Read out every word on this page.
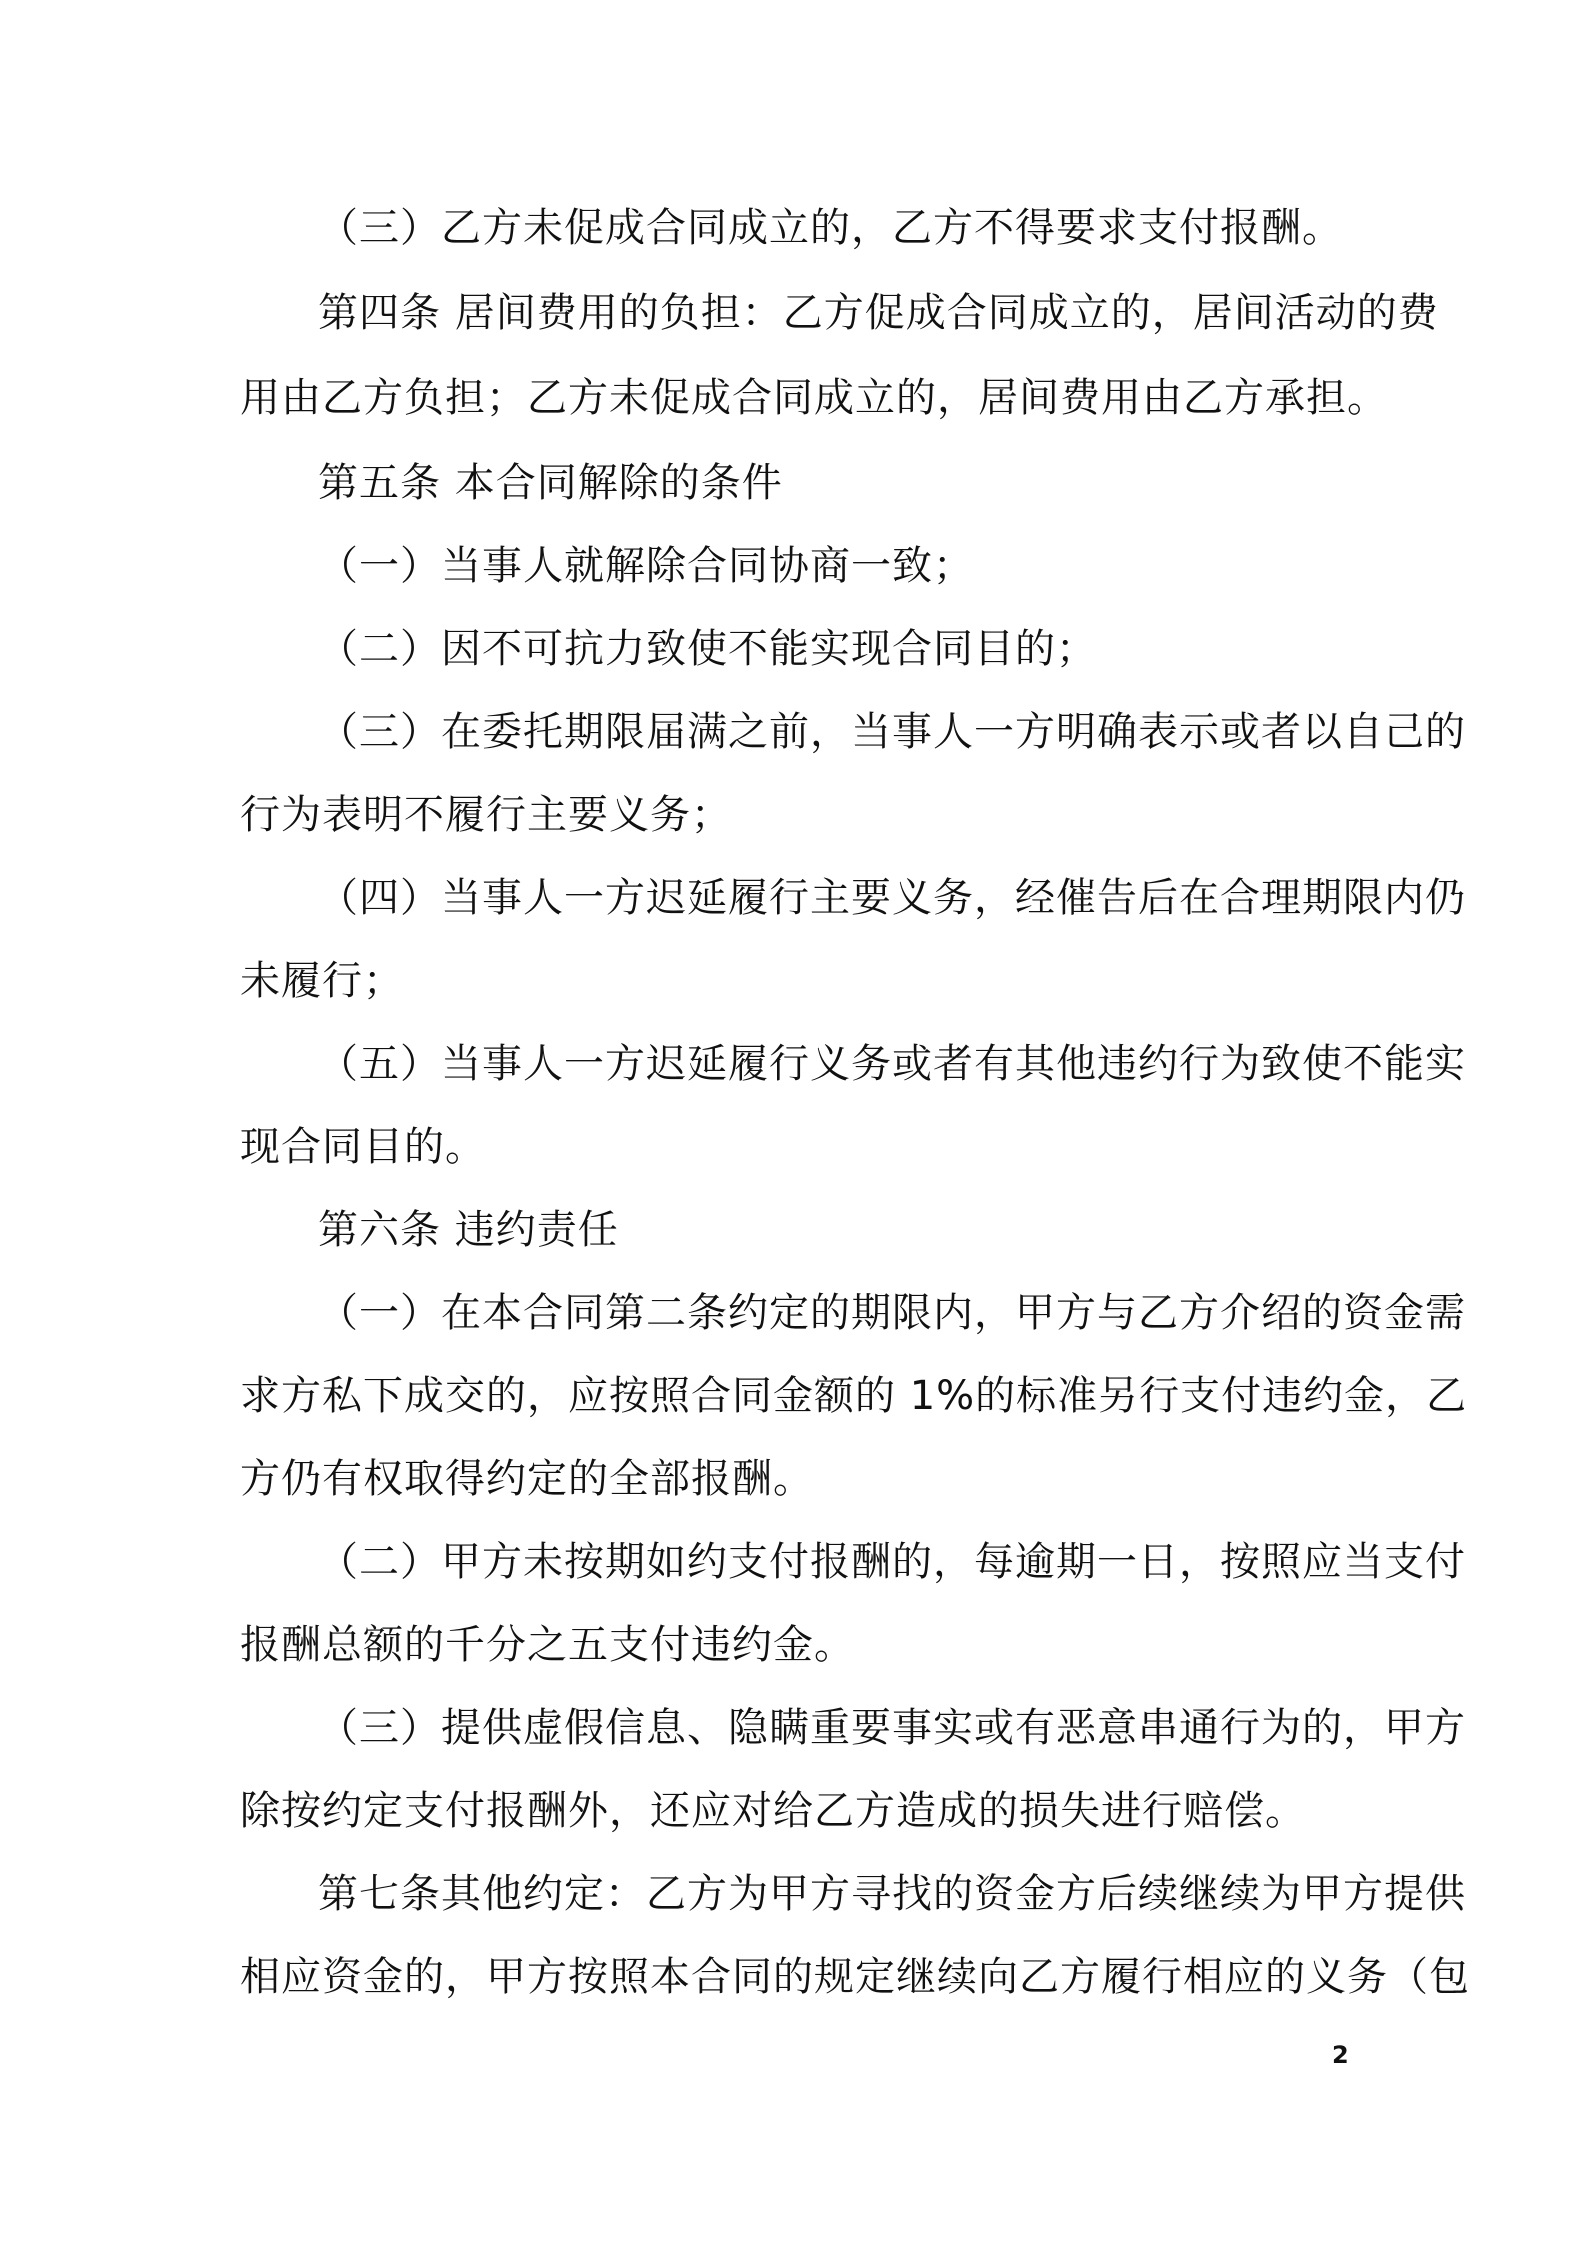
（三）乙方未促成合同成立的，乙方不得要求支付报酬。
第四条 居间费用的负担：乙方促成合同成立的，居间活动的费
用由乙方负担；乙方未促成合同成立的，居间费用由乙方承担。
第五条 本合同解除的条件
（一）当事人就解除合同协商一致；
（二）因不可抗力致使不能实现合同目的；
（三）在委托期限届满之前，当事人一方明确表示或者以自己的
行为表明不履行主要义务；
（四）当事人一方迟延履行主要义务，经催告后在合理期限内仍
未履行；
（五）当事人一方迟延履行义务或者有其他违约行为致使不能实
现合同目的。
第六条 违约责任
（一）在本合同第二条约定的期限内，甲方与乙方介绍的资金需
求方私下成交的，应按照合同金额的 1%的标准另行支付违约金，乙
方仍有权取得约定的全部报酬。
（二）甲方未按期如约支付报酬的，每逾期一日，按照应当支付
报酬总额的千分之五支付违约金。
（三）提供虚假信息、隐瞒重要事实或有恶意串通行为的，甲方
除按约定支付报酬外，还应对给乙方造成的损失进行赔偿。
第七条其他约定：乙方为甲方寻找的资金方后续继续为甲方提供
相应资金的，甲方按照本合同的规定继续向乙方履行相应的义务（包
2
